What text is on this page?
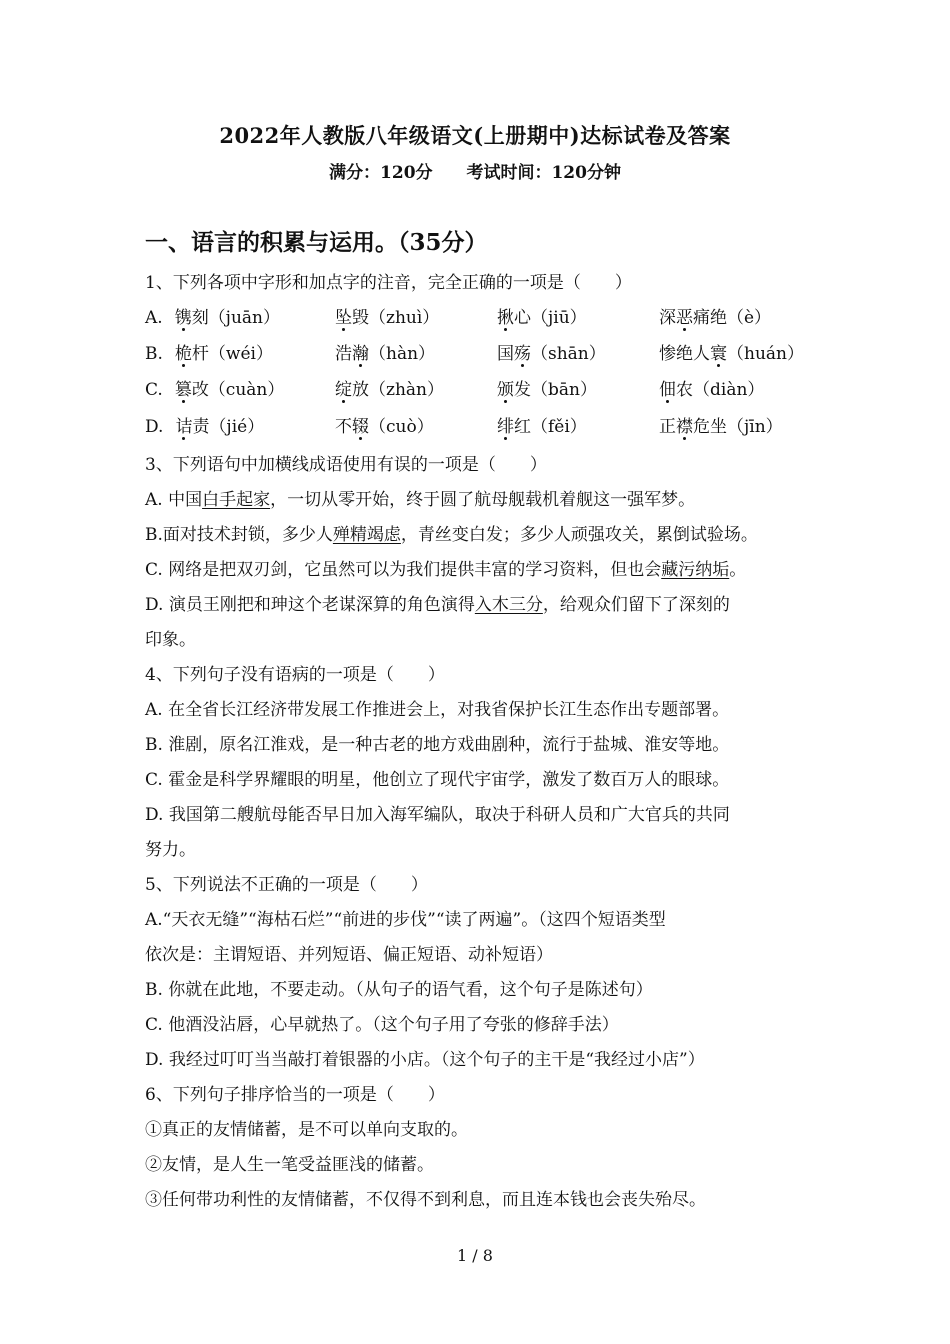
2022年人教版八年级语文(上册期中)达标试卷及答案
满分：120分 考试时间：120分钟
一、语言的积累与运用。（35分）
1、下列各项中字形和加点字的注音，完全正确的一项是（　　）
A. 镌刻（juān）	坠毁（zhuì）	揪心（jiū）	深恶痛绝（è）
B. 桅杆（wéi）	浩瀚（hàn）	国殇（shān）	惨绝人寰（huán）
C. 篡改（cuàn）	绽放（zhàn）	颁发（bān）	佃农（diàn）
D. 诘责（jié）	不辍（cuò）	绯红（fěi）	正襟危坐（jīn）
3、下列语句中加横线成语使用有误的一项是（　　）
A. 中国白手起家，一切从零开始，终于圆了航母舰载机着舰这一强军梦。
B.面对技术封锁，多少人殚精竭虑，青丝变白发；多少人顽强攻关，累倒试验场。
C. 网络是把双刃剑，它虽然可以为我们提供丰富的学习资料，但也会藏污纳垢。
D. 演员王刚把和珅这个老谋深算的角色演得入木三分，给观众们留下了深刻的
印象。
4、下列句子没有语病的一项是（　　）
A. 在全省长江经济带发展工作推进会上，对我省保护长江生态作出专题部署。
B. 淮剧，原名江淮戏，是一种古老的地方戏曲剧种，流行于盐城、淮安等地。
C. 霍金是科学界耀眼的明星，他创立了现代宇宙学，激发了数百万人的眼球。
D. 我国第二艘航母能否早日加入海军编队，取决于科研人员和广大官兵的共同
努力。
5、下列说法不正确的一项是（　　）
A.“天衣无缝”“海枯石烂”“前进的步伐”“读了两遍”。（这四个短语类型
依次是：主谓短语、并列短语、偏正短语、动补短语）
B. 你就在此地，不要走动。（从句子的语气看，这个句子是陈述句）
C. 他酒没沾唇，心早就热了。（这个句子用了夸张的修辞手法）
D. 我经过叮叮当当敲打着银器的小店。（这个句子的主干是“我经过小店”）
6、下列句子排序恰当的一项是（　　）
①真正的友情储蓄，是不可以单向支取的。
②友情，是人生一笔受益匪浅的储蓄。
③任何带功利性的友情储蓄，不仅得不到利息，而且连本钱也会丧失殆尽。
1 / 8
